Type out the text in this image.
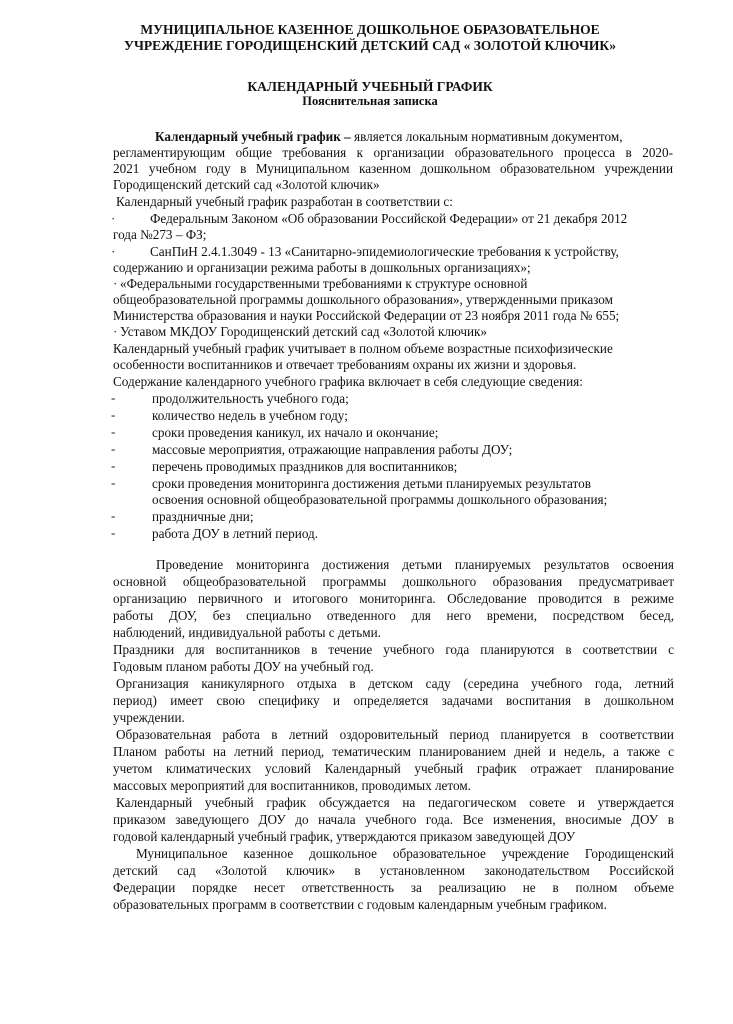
МУНИЦИПАЛЬНОЕ КАЗЕННОЕ ДОШКОЛЬНОЕ ОБРАЗОВАТЕЛЬНОЕ
УЧРЕЖДЕНИЕ ГОРОДИЩЕНСКИЙ ДЕТСКИЙ САД « ЗОЛОТОЙ КЛЮЧИК»
КАЛЕНДАРНЫЙ УЧЕБНЫЙ ГРАФИК
Пояснительная записка
Календарный учебный график – является локальным нормативным документом,
регламентирующим общие требования к организации образовательного процесса в 2020-
2021 учебном году в Муниципальном казенном дошкольном образовательном учреждении
Городищенский детский сад «Золотой ключик»
Календарный учебный график разработан в соответствии с:
·	Федеральным Законом «Об образовании Российской Федерации» от 21 декабря 2012
года №273 – ФЗ;
·	СанПиН 2.4.1.3049 - 13 «Санитарно-эпидемиологические требования к устройству,
содержанию и организации режима работы в дошкольных организациях»;
· «Федеральными государственными требованиями к структуре основной
общеобразовательной программы дошкольного образования», утвержденными приказом
Министерства образования и науки Российской Федерации от 23 ноября 2011 года № 655;
· Уставом МКДОУ Городищенский детский сад «Золотой ключик»
Календарный учебный график учитывает в полном объеме возрастные психофизические
особенности воспитанников и отвечает требованиям охраны их жизни и здоровья.
Содержание календарного учебного графика включает в себя следующие сведения:
-	продолжительность учебного года;
-	количество недель в учебном году;
-	сроки проведения каникул, их начало и окончание;
-	массовые мероприятия, отражающие направления работы ДОУ;
-	перечень проводимых праздников для воспитанников;
-	сроки проведения мониторинга достижения детьми планируемых результатов
освоения основной общеобразовательной программы дошкольного образования;
-	праздничные дни;
-	работа ДОУ в летний период.
Проведение мониторинга достижения детьми планируемых результатов освоения
основной общеобразовательной программы дошкольного образования предусматривает
организацию первичного и итогового мониторинга. Обследование проводится в режиме
работы ДОУ, без специально отведенного для него времени, посредством бесед,
наблюдений, индивидуальной работы с детьми.
Праздники для воспитанников в течение учебного года планируются в соответствии с
Годовым планом работы ДОУ на учебный год.
Организация каникулярного отдыха в детском саду (середина учебного года, летний
период) имеет свою специфику и определяется задачами воспитания в дошкольном
учреждении.
Образовательная работа в летний оздоровительный период планируется в соответствии
Планом работы на летний период, тематическим планированием дней и недель, а также с
учетом климатических условий Календарный учебный график отражает планирование
массовых мероприятий для воспитанников, проводимых летом.
Календарный учебный график обсуждается на педагогическом совете и утверждается
приказом заведующего ДОУ до начала учебного года. Все изменения, вносимые ДОУ в
годовой календарный учебный график, утверждаются приказом заведующей ДОУ
Муниципальное казенное дошкольное образовательное учреждение Городищенский
детский сад «Золотой ключик» в установленном законодательством Российской
Федерации порядке несет ответственность за реализацию не в полном объеме
образовательных программ в соответствии с годовым календарным учебным графиком.
